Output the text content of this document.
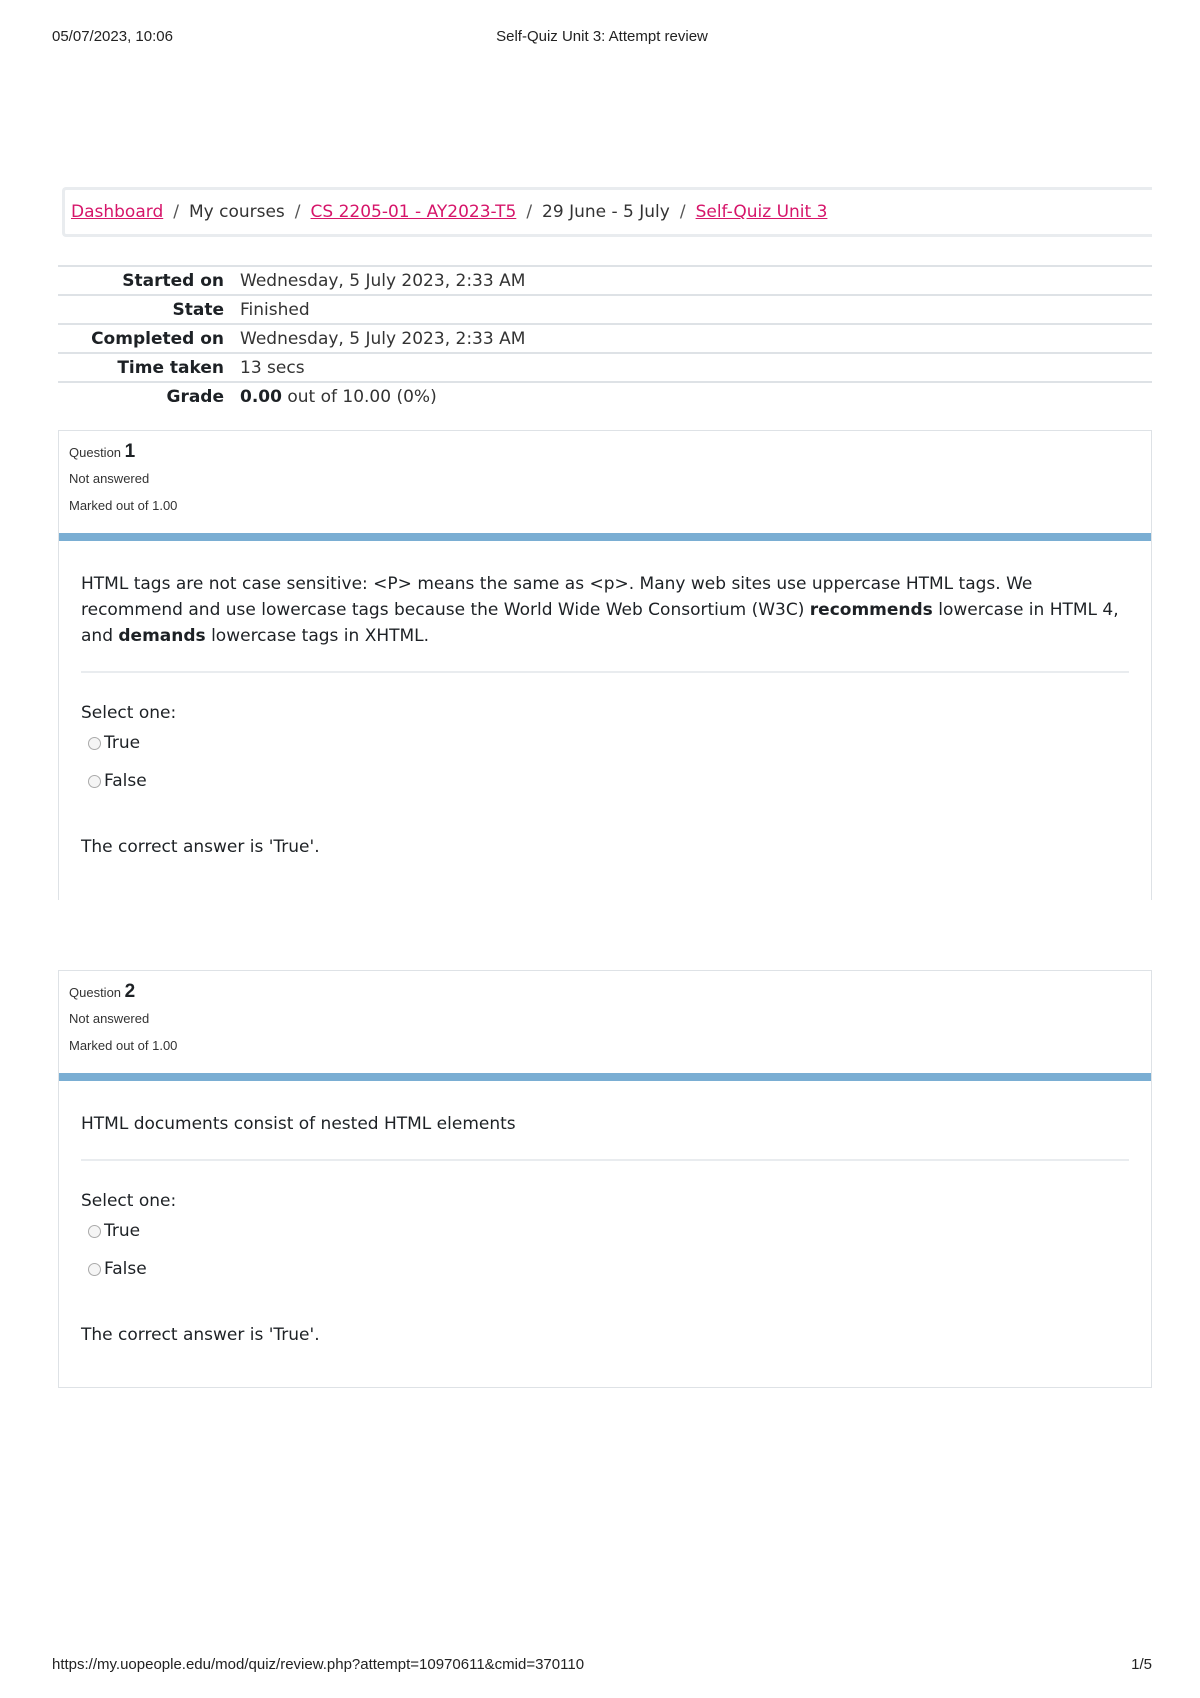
05/07/2023, 10:06	Self-Quiz Unit 3: Attempt review
Dashboard	/ My courses	/ CS 2205-01 - AY2023-T5	/ 29 June - 5 July	/ Self-Quiz Unit 3
Started on	Wednesday, 5 July 2023, 2:33 AM
State	Finished
Completed on	Wednesday, 5 July 2023, 2:33 AM
Time taken	13 secs
Grade	0.00 out of 10.00 (0%)
Question 1
Not answered
Marked out of 1.00
HTML tags are not case sensitive: <P> means the same as <p>. Many web sites use uppercase HTML tags. We recommend and use lowercase tags because the World Wide Web Consortium (W3C) recommends lowercase in HTML 4, and demands lowercase tags in XHTML.
Select one:
True
False
The correct answer is 'True'.
Question 2
Not answered
Marked out of 1.00
HTML documents consist of nested HTML elements
Select one:
True
False
The correct answer is 'True'.
https://my.uopeople.edu/mod/quiz/review.php?attempt=10970611&cmid=370110	1/5
